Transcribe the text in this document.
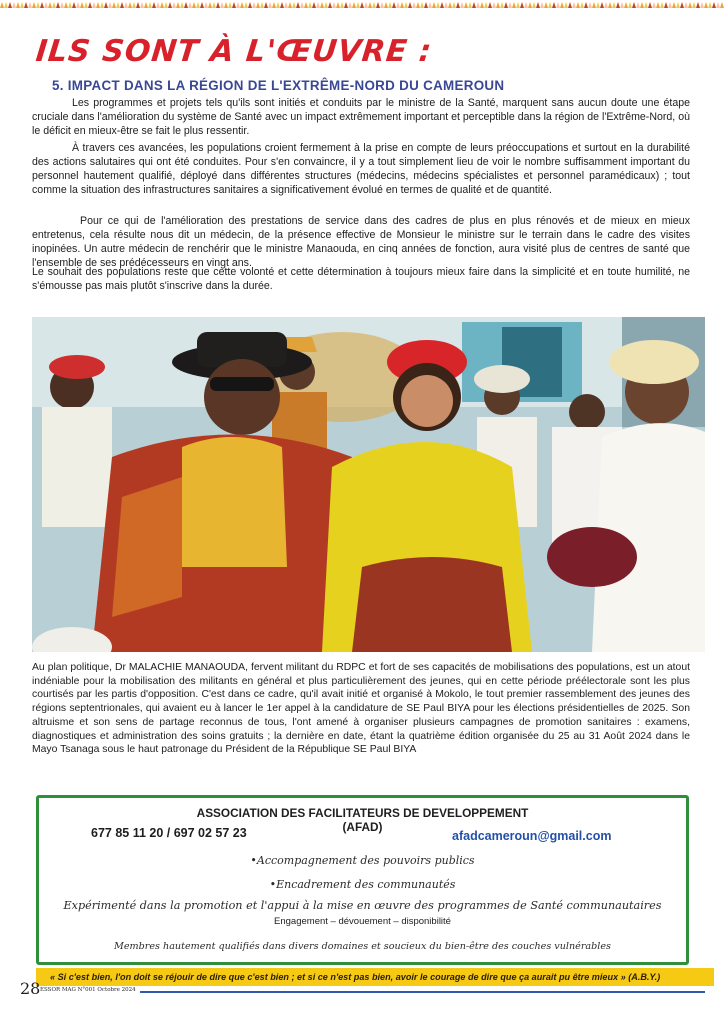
ILS SONT À L'ŒUVRE :
5. IMPACT DANS LA RÉGION DE L'EXTRÊME-NORD DU CAMEROUN

Les programmes et projets tels qu'ils sont initiés et conduits par le ministre de la Santé, marquent sans aucun doute une étape cruciale dans l'amélioration du système de Santé avec un impact extrêmement important et perceptible dans la région de l'Extrême-Nord, où le déficit en mieux-être se fait le plus ressentir.

À travers ces avancées, les populations croient fermement à la prise en compte de leurs préoccupations et surtout en la durabilité des actions salutaires qui ont été conduites. Pour s'en convaincre, il y a tout simplement lieu de voir le nombre suffisamment important du personnel hautement qualifié, déployé dans différentes structures (médecins, médecins spécialistes et personnel paramédicaux) ; tout comme la situation des infrastructures sanitaires a significativement évolué en termes de qualité et de quantité.

Pour ce qui de l'amélioration des prestations de service dans des cadres de plus en plus rénovés et de mieux en mieux entretenus, cela résulte nous dit un médecin, de la présence effective de Monsieur le ministre sur le terrain dans le cadre des visites inopinées. Un autre médecin de renchérir que le ministre Manaouda, en cinq années de fonction, aura visité plus de centres de santé que l'ensemble de ses prédécesseurs en vingt ans.

Le souhait des populations reste que cette volonté et cette détermination à toujours mieux faire dans la simplicité et en toute humilité, ne s'émousse pas mais plutôt s'inscrive dans la durée.

Au plan politique, Dr MALACHIE MANAOUDA, fervent militant du RDPC et fort de ses capacités de mobilisations des populations, est un atout indéniable pour la mobilisation des militants en général et plus particulièrement des jeunes, qui en cette période préélectorale sont les plus courtisés par les partis d'opposition. C'est dans ce cadre, qu'il avait initié et organisé à Mokolo, le tout premier rassemblement des jeunes des régions septentrionales, qui avaient eu à lancer le 1er appel à la candidature de SE Paul BIYA pour les élections présidentielles de 2025. Son altruisme et son sens de partage reconnus de tous, l'ont amené à organiser plusieurs campagnes de promotion sanitaires : examens, diagnostiques et administration des soins gratuits ; la dernière en date, étant la quatrième édition organisée du 25 au 31 Août 2024 dans le Mayo Tsanaga sous le haut patronage du Président de la République SE Paul BIYA

ASSOCIATION DES FACILITATEURS DE DEVELOPPEMENT
(AFAD)
677 85 11 20 / 697 02 57 23	afadcameroun@gmail.com
•Accompagnement des pouvoirs publics
•Encadrement des communautés
Expérimenté dans la promotion et l'appui à la mise en œuvre des programmes de Santé communautaires
Engagement – dévouement – disponibilité
Membres hautement qualifiés dans divers domaines et soucieux du bien-être des couches vulnérables
« Si c'est bien, l'on doit se réjouir de dire que c'est bien ; et si ce n'est pas bien, avoir le courage de dire que ça aurait pu être mieux » (A.B.Y.)
28 ESSOR MAG N°001 Octobre 2024
